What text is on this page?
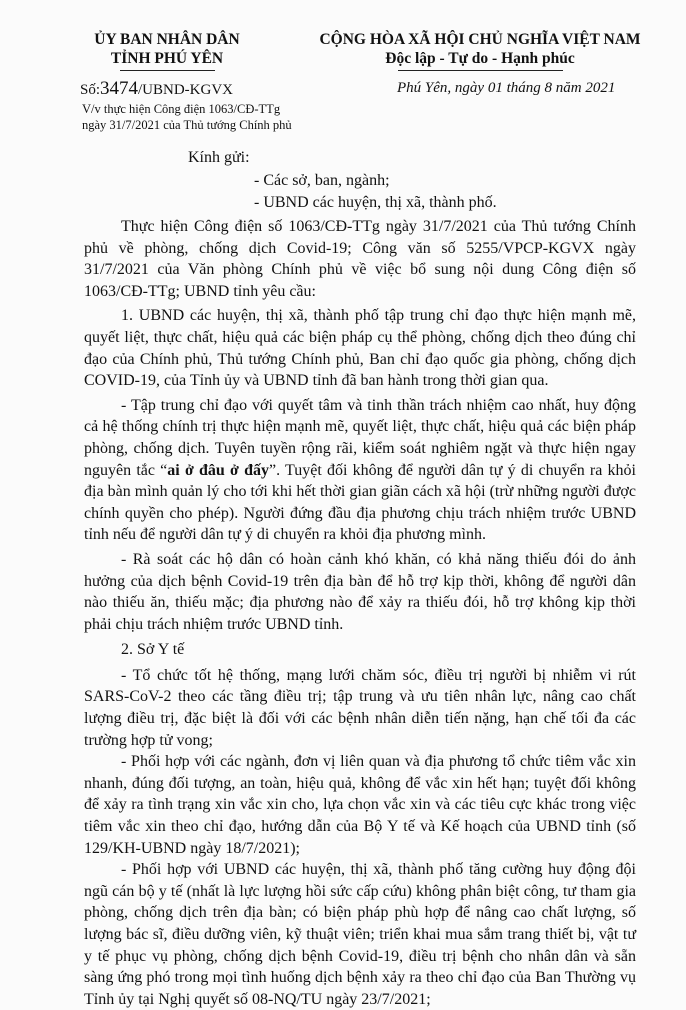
ỦY BAN NHÂN DÂN
TỈNH PHÚ YÊN
CỘNG HÒA XÃ HỘI CHỦ NGHĨA VIỆT NAM
Độc lập - Tự do - Hạnh phúc
Số:3474/UBND-KGVX	Phú Yên, ngày 01 tháng 8 năm 2021
V/v thực hiện Công điện 1063/CĐ-TTg
ngày 31/7/2021 của Thủ tướng Chính phủ
Kính gửi:
- Các sở, ban, ngành;
- UBND các huyện, thị xã, thành phố.

Thực hiện Công điện số 1063/CĐ-TTg ngày 31/7/2021 của Thủ tướng Chính phủ về phòng, chống dịch Covid-19; Công văn số 5255/VPCP-KGVX ngày 31/7/2021 của Văn phòng Chính phủ về việc bổ sung nội dung Công điện số 1063/CĐ-TTg; UBND tỉnh yêu cầu:

1. UBND các huyện, thị xã, thành phố tập trung chỉ đạo thực hiện mạnh mẽ, quyết liệt, thực chất, hiệu quả các biện pháp cụ thể phòng, chống dịch theo đúng chỉ đạo của Chính phủ, Thủ tướng Chính phủ, Ban chỉ đạo quốc gia phòng, chống dịch COVID-19, của Tỉnh ủy và UBND tỉnh đã ban hành trong thời gian qua.

- Tập trung chỉ đạo với quyết tâm và tinh thần trách nhiệm cao nhất, huy động cả hệ thống chính trị thực hiện mạnh mẽ, quyết liệt, thực chất, hiệu quả các biện pháp phòng, chống dịch. Tuyên tuyền rộng rãi, kiểm soát nghiêm ngặt và thực hiện ngay nguyên tắc “ai ở đâu ở đấy”. Tuyệt đối không để người dân tự ý di chuyển ra khỏi địa bàn mình quản lý cho tới khi hết thời gian giãn cách xã hội (trừ những người được chính quyền cho phép). Người đứng đầu địa phương chịu trách nhiệm trước UBND tỉnh nếu để người dân tự ý di chuyển ra khỏi địa phương mình.

- Rà soát các hộ dân có hoàn cảnh khó khăn, có khả năng thiếu đói do ảnh hưởng của dịch bệnh Covid-19 trên địa bàn để hỗ trợ kịp thời, không để người dân nào thiếu ăn, thiếu mặc; địa phương nào để xảy ra thiếu đói, hỗ trợ không kịp thời phải chịu trách nhiệm trước UBND tỉnh.

2. Sở Y tế

- Tổ chức tốt hệ thống, mạng lưới chăm sóc, điều trị người bị nhiễm vi rút SARS-CoV-2 theo các tầng điều trị; tập trung và ưu tiên nhân lực, nâng cao chất lượng điều trị, đặc biệt là đối với các bệnh nhân diễn tiến nặng, hạn chế tối đa các trường hợp tử vong;

- Phối hợp với các ngành, đơn vị liên quan và địa phương tổ chức tiêm vắc xin nhanh, đúng đối tượng, an toàn, hiệu quả, không để vắc xin hết hạn; tuyệt đối không để xảy ra tình trạng xin vắc xin cho, lựa chọn vắc xin và các tiêu cực khác trong việc tiêm vắc xin theo chỉ đạo, hướng dẫn của Bộ Y tế và Kế hoạch của UBND tỉnh (số 129/KH-UBND ngày 18/7/2021);

- Phối hợp với UBND các huyện, thị xã, thành phố tăng cường huy động đội ngũ cán bộ y tế (nhất là lực lượng hồi sức cấp cứu) không phân biệt công, tư tham gia phòng, chống dịch trên địa bàn; có biện pháp phù hợp để nâng cao chất lượng, số lượng bác sĩ, điều dưỡng viên, kỹ thuật viên; triển khai mua sắm trang thiết bị, vật tư y tế phục vụ phòng, chống dịch bệnh Covid-19, điều trị bệnh cho nhân dân và sẵn sàng ứng phó trong mọi tình huống dịch bệnh xảy ra theo chỉ đạo của Ban Thường vụ Tỉnh ủy tại Nghị quyết số 08-NQ/TU ngày 23/7/2021;
